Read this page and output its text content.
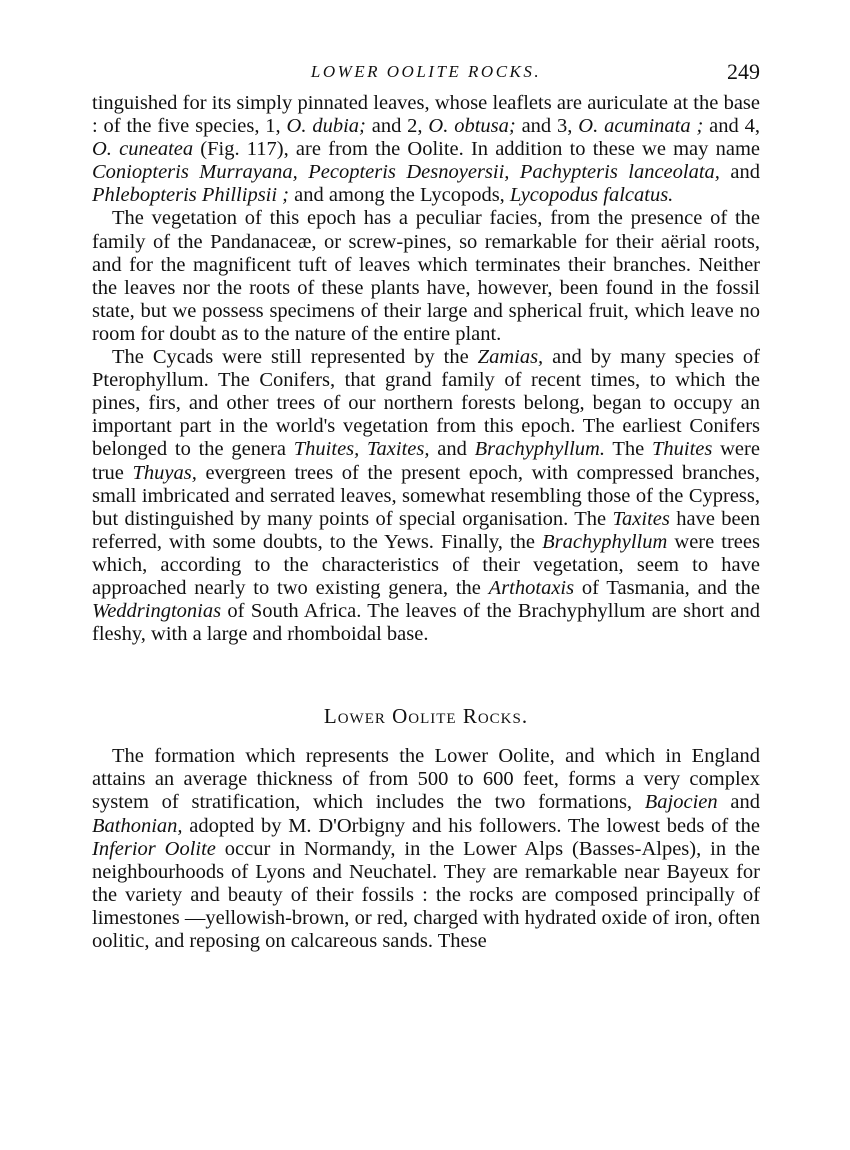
LOWER OOLITE ROCKS.	249

tinguished for its simply pinnated leaves, whose leaflets are auriculate at the base : of the five species, 1, O. dubia; and 2, O. obtusa; and 3, O. acuminata ; and 4, O. cuneatea (Fig. 117), are from the Oolite. In addition to these we may name Coniopteris Murrayana, Pecopteris Desnoyersii, Pachypteris lanceolata, and Phlebopteris Phillipsii ; and among the Lycopods, Lycopodus falcatus.

The vegetation of this epoch has a peculiar facies, from the presence of the family of the Pandanaceæ, or screw-pines, so remarkable for their aërial roots, and for the magnificent tuft of leaves which terminates their branches. Neither the leaves nor the roots of these plants have, however, been found in the fossil state, but we possess specimens of their large and spherical fruit, which leave no room for doubt as to the nature of the entire plant.

The Cycads were still represented by the Zamias, and by many species of Pterophyllum. The Conifers, that grand family of recent times, to which the pines, firs, and other trees of our northern forests belong, began to occupy an important part in the world's vegetation from this epoch. The earliest Conifers belonged to the genera Thuites, Taxites, and Brachyphyllum. The Thuites were true Thuyas, evergreen trees of the present epoch, with compressed branches, small imbricated and serrated leaves, somewhat resembling those of the Cypress, but distinguished by many points of special organisation. The Taxites have been referred, with some doubts, to the Yews. Finally, the Brachyphyllum were trees which, according to the characteristics of their vegetation, seem to have approached nearly to two existing genera, the Arthotaxis of Tasmania, and the Weddringtonias of South Africa. The leaves of the Brachyphyllum are short and fleshy, with a large and rhomboidal base.

Lower Oolite Rocks.

The formation which represents the Lower Oolite, and which in England attains an average thickness of from 500 to 600 feet, forms a very complex system of stratification, which includes the two formations, Bajocien and Bathonian, adopted by M. D'Orbigny and his followers. The lowest beds of the Inferior Oolite occur in Normandy, in the Lower Alps (Basses-Alpes), in the neighbourhoods of Lyons and Neuchatel. They are remarkable near Bayeux for the variety and beauty of their fossils : the rocks are composed principally of limestones —yellowish-brown, or red, charged with hydrated oxide of iron, often oolitic, and reposing on calcareous sands. These
